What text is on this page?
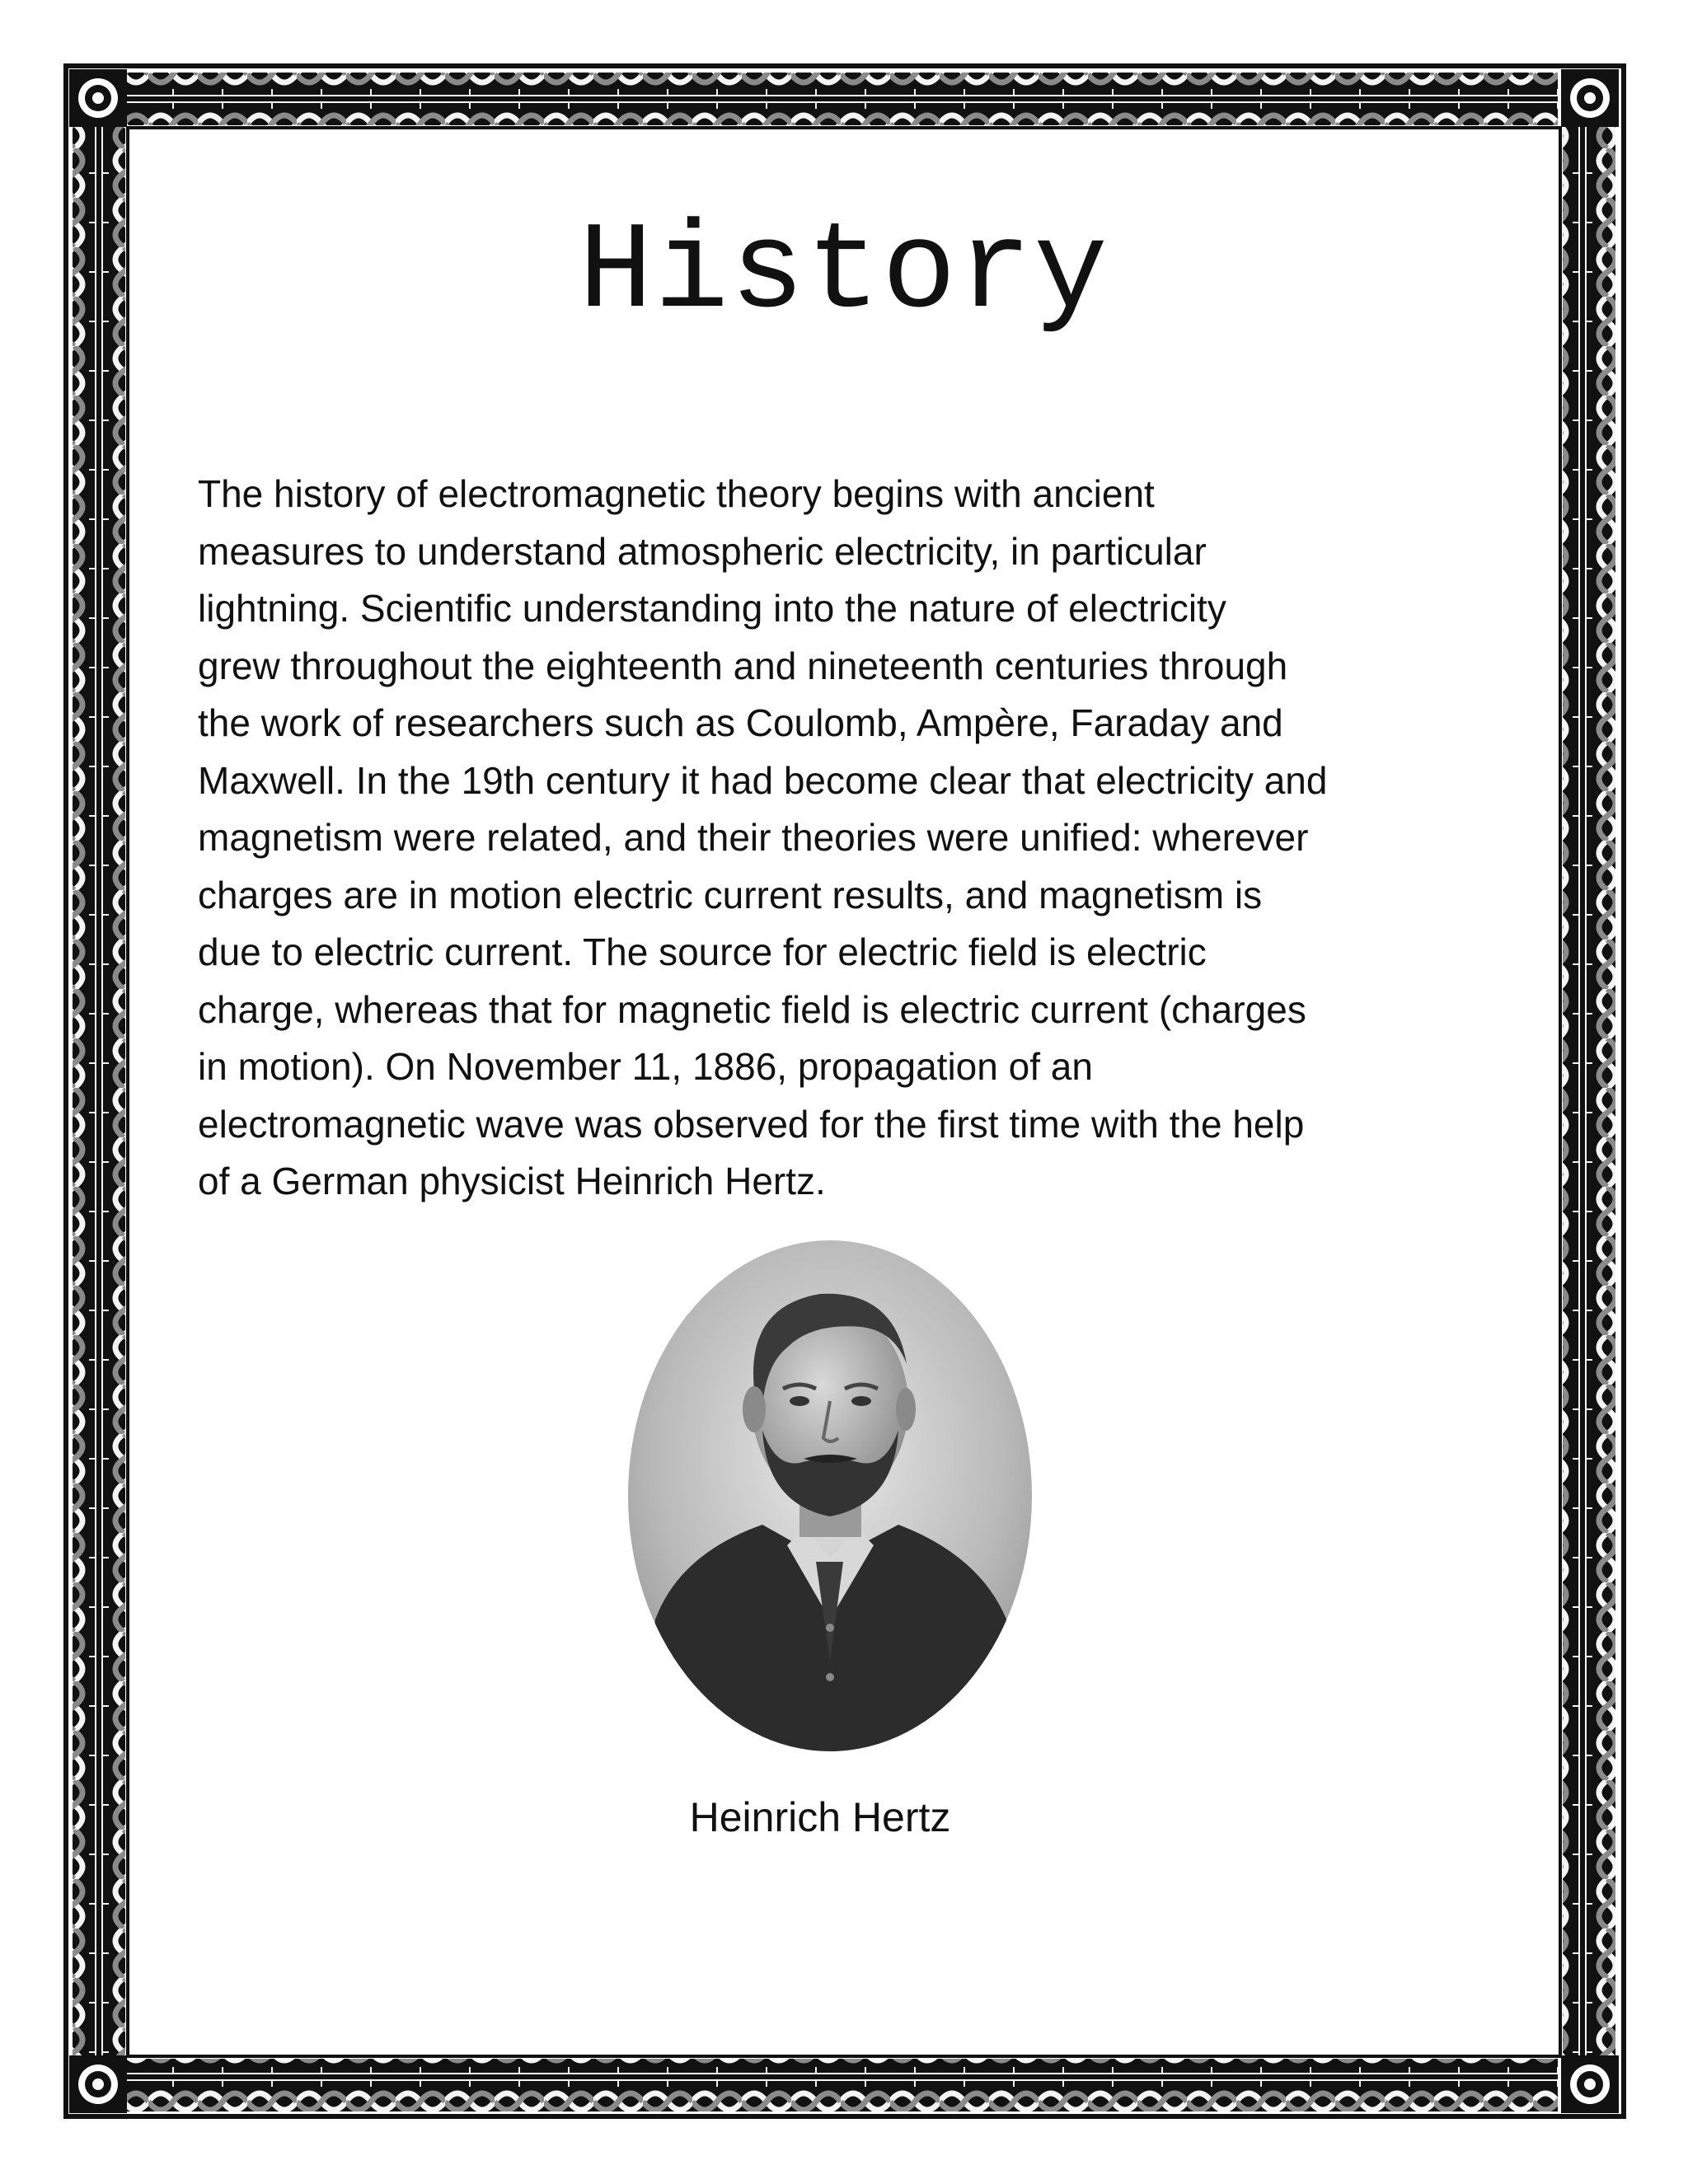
History
The history of electromagnetic theory begins with ancient
measures to understand atmospheric electricity, in particular
lightning. Scientific understanding into the nature of electricity
grew throughout the eighteenth and nineteenth centuries through
the work of researchers such as Coulomb, Ampère, Faraday and
Maxwell. In the 19th century it had become clear that electricity and
magnetism were related, and their theories were unified: wherever
charges are in motion electric current results, and magnetism is
due to electric current. The source for electric field is electric
charge, whereas that for magnetic field is electric current (charges
in motion). On November 11, 1886, propagation of an
electromagnetic wave was observed for the first time with the help
of a German physicist Heinrich Hertz.
Heinrich Hertz
